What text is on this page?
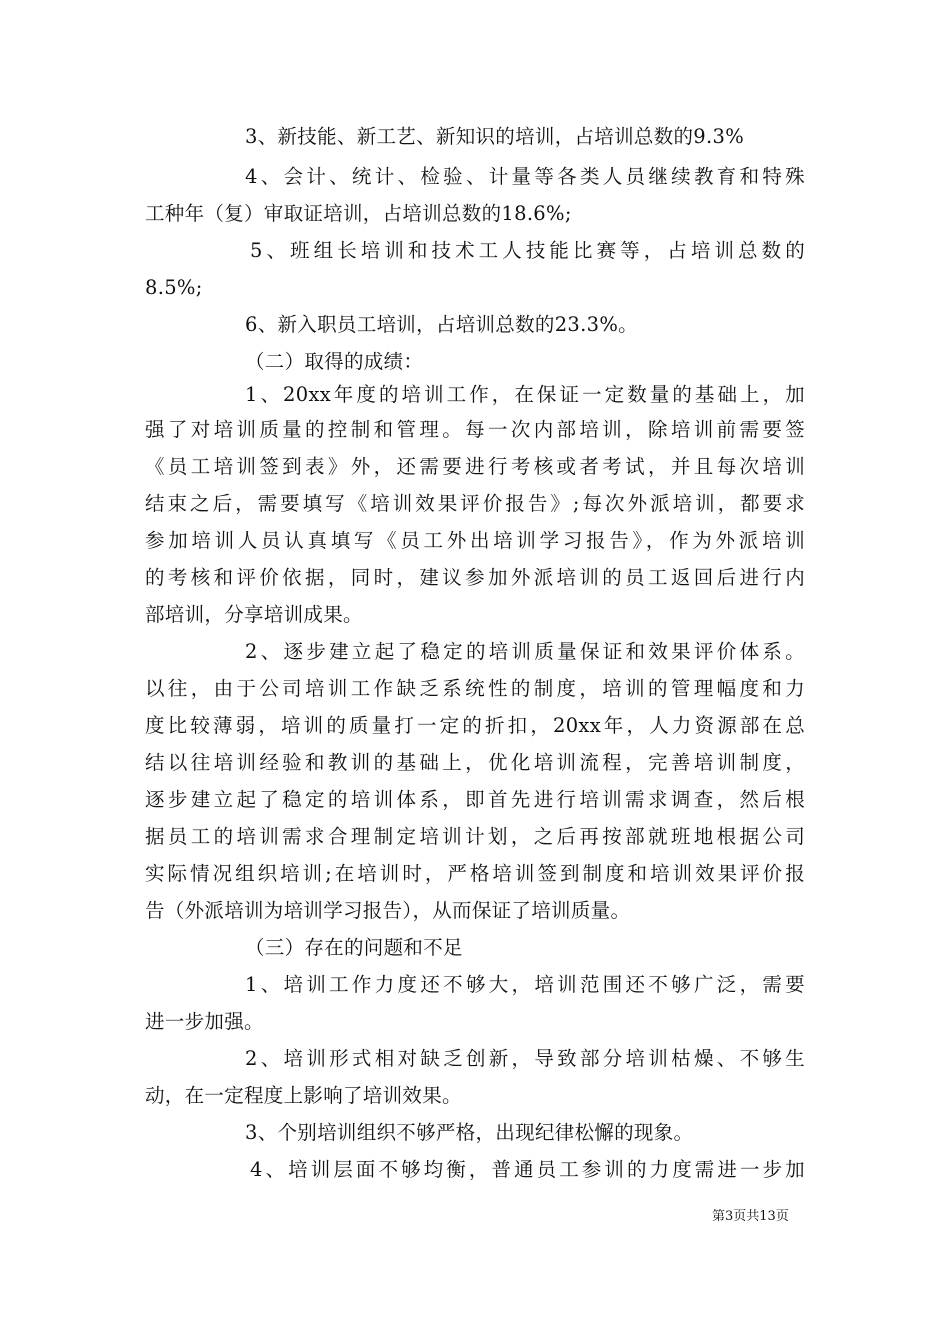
3、新技能、新工艺、新知识的培训，占培训总数的9.3%
4、会计、统计、检验、计量等各类人员继续教育和特殊
工种年（复）审取证培训，占培训总数的18.6%;
5、班组长培训和技术工人技能比赛等，占培训总数的
8.5%;
6、新入职员工培训，占培训总数的23.3%。
（二）取得的成绩：
1、20xx年度的培训工作，在保证一定数量的基础上，加
强了对培训质量的控制和管理。每一次内部培训，除培训前需要签
《员工培训签到表》外，还需要进行考核或者考试，并且每次培训
结束之后，需要填写《培训效果评价报告》;每次外派培训，都要求
参加培训人员认真填写《员工外出培训学习报告》，作为外派培训
的考核和评价依据，同时，建议参加外派培训的员工返回后进行内
部培训，分享培训成果。
2、逐步建立起了稳定的培训质量保证和效果评价体系。
以往，由于公司培训工作缺乏系统性的制度，培训的管理幅度和力
度比较薄弱，培训的质量打一定的折扣，20xx年，人力资源部在总
结以往培训经验和教训的基础上，优化培训流程，完善培训制度，
逐步建立起了稳定的培训体系，即首先进行培训需求调查，然后根
据员工的培训需求合理制定培训计划，之后再按部就班地根据公司
实际情况组织培训;在培训时，严格培训签到制度和培训效果评价报
告（外派培训为培训学习报告），从而保证了培训质量。
（三）存在的问题和不足
1、培训工作力度还不够大，培训范围还不够广泛，需要
进一步加强。
2、培训形式相对缺乏创新，导致部分培训枯燥、不够生
动，在一定程度上影响了培训效果。
3、个别培训组织不够严格，出现纪律松懈的现象。
4、培训层面不够均衡，普通员工参训的力度需进一步加
第3页共13页
